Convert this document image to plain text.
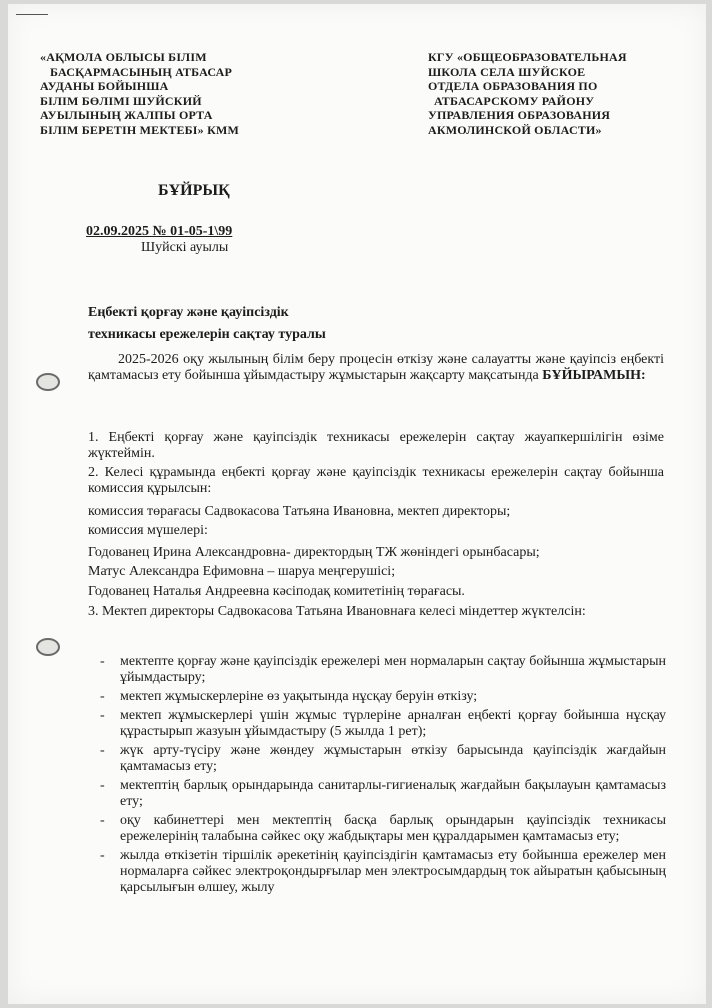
«АҚМОЛА ОБЛЫСЫ БІЛІМ
БАСҚАРМАСЫНЫҢ АТБАСАР
АУДАНЫ БОЙЫНША
БІЛІМ БӨЛІМІ ШУЙСКИЙ
АУЫЛЫНЫҢ ЖАЛПЫ ОРТА
БІЛІМ БЕРЕТІН МЕКТЕБІ» КММ
КГУ «ОБЩЕОБРАЗОВАТЕЛЬНАЯ
ШКОЛА СЕЛА ШУЙСКОЕ
ОТДЕЛА ОБРАЗОВАНИЯ ПО
АТБАСАРСКОМУ РАЙОНУ
УПРАВЛЕНИЯ ОБРАЗОВАНИЯ
АКМОЛИНСКОЙ ОБЛАСТИ»
БҰЙРЫҚ
02.09.2025 № 01-05-1\99
Шуйскі ауылы
Еңбекті қорғау және қауіпсіздік
техникасы ережелерін сақтау туралы
2025-2026 оқу жылының білім беру процесін өткізу және салауатты және қауіпсіз еңбекті қамтамасыз ету бойынша ұйымдастыру жұмыстарын жақсарту мақсатында БҰЙЫРАМЫН:
1. Еңбекті қорғау және қауіпсіздік техникасы ережелерін сақтау жауапкершілігін өзіме жүктеймін.
2. Келесі құрамында еңбекті қорғау және қауіпсіздік техникасы ережелерін сақтау бойынша комиссия құрылсын:
комиссия төрағасы Садвокасова Татьяна Ивановна, мектеп директоры;
комиссия мүшелері:
Годованец Ирина Александровна- директордың ТЖ жөніндегі орынбасары;
Матус Александра Ефимовна – шаруа меңгерушісі;
Годованец Наталья Андреевна кәсіподақ комитетінің төрағасы.
3. Мектеп директоры Садвокасова Татьяна Ивановнаға келесі міндеттер жүктелсін:
- мектепте қорғау және қауіпсіздік ережелері мен нормаларын сақтау бойынша жұмыстарын ұйымдастыру;
- мектеп жұмыскерлеріне өз уақытында нұсқау беруін өткізу;
- мектеп жұмыскерлері үшін жұмыс түрлеріне арналған еңбекті қорғау бойынша нұсқау құрастырып жазуын ұйымдастыру (5 жылда 1 рет);
- жүк арту-түсіру және жөндеу жұмыстарын өткізу барысында қауіпсіздік жағдайын қамтамасыз ету;
- мектептің барлық орындарында санитарлы-гигиеналық жағдайын бақылауын қамтамасыз ету;
- оқу кабинеттері мен мектептің басқа барлық орындарын қауіпсіздік техникасы ережелерінің талабына сәйкес оқу жабдықтары мен құралдарымен қамтамасыз ету;
- жылда өткізетін тіршілік әрекетінің қауіпсіздігін қамтамасыз ету бойынша ережелер мен нормаларға сәйкес электроқондырғылар мен электросымдардың ток айыратын қабысының қарсылығын өлшеу, жылу
